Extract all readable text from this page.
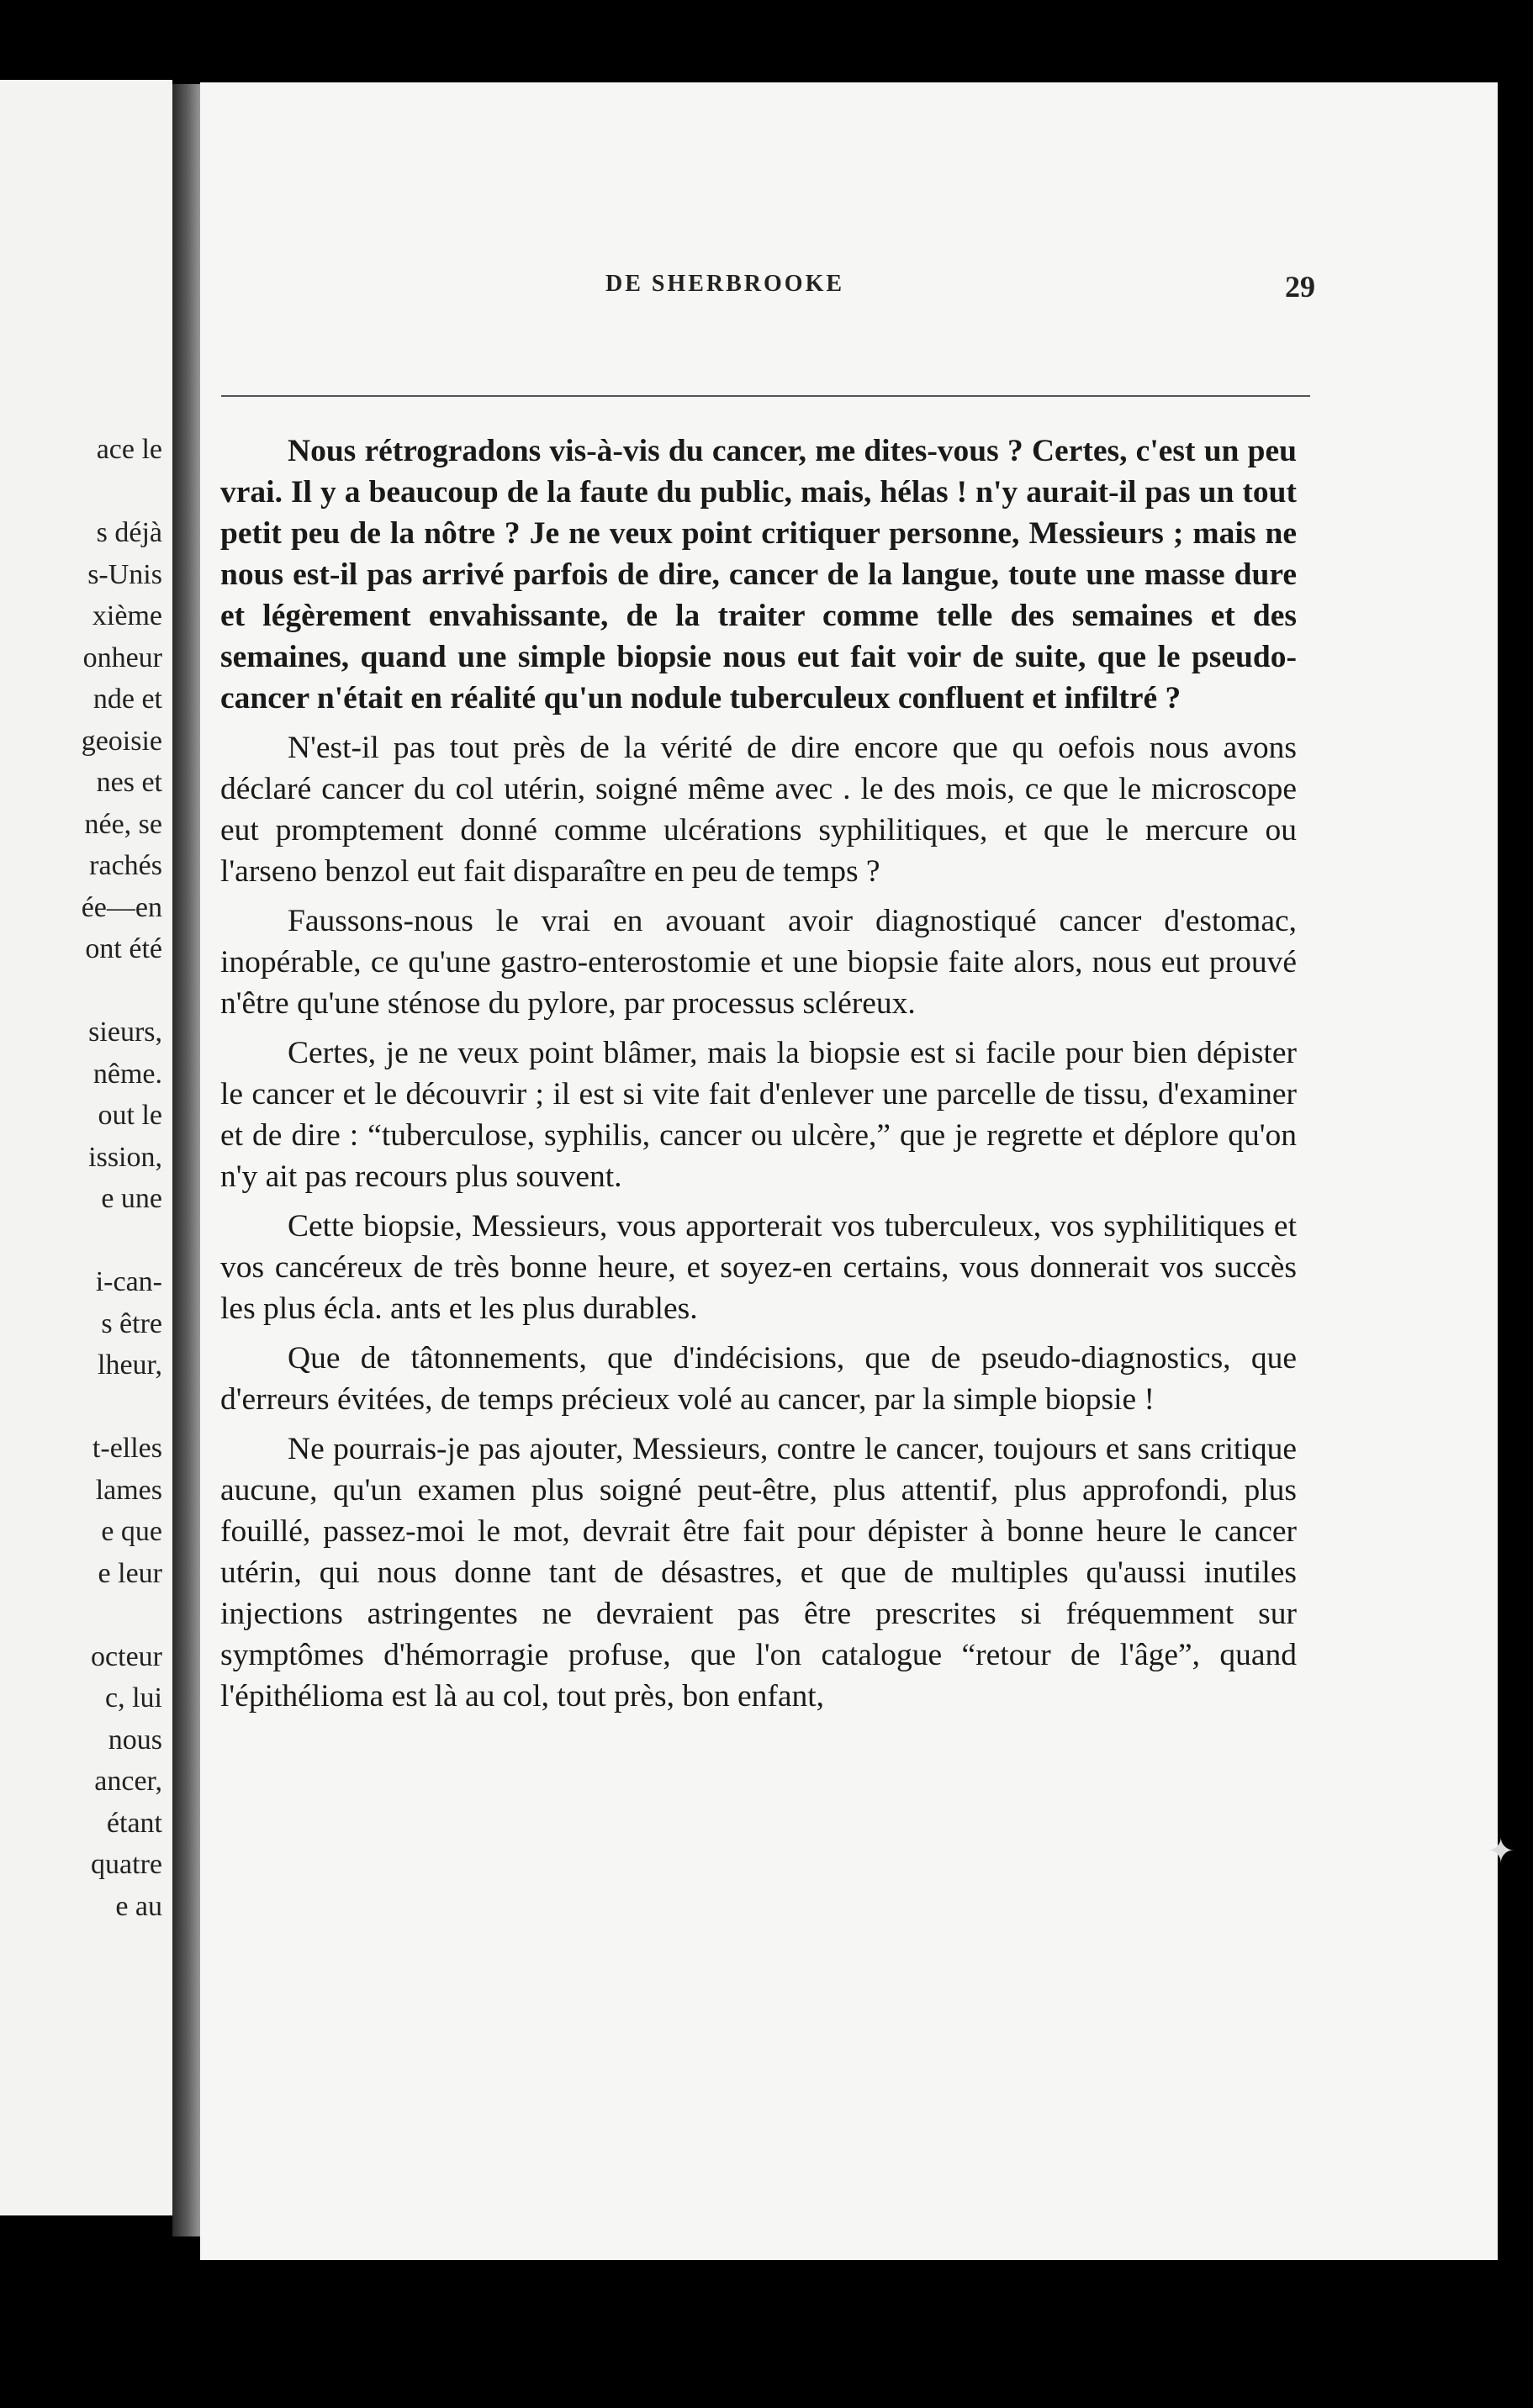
ace le
s déjà
s-Unis
xième
onheur
nde et
geoisie
nes et
née, se
rachés
ée—en
ont été
sieurs,
nême.
out le
ission,
e une
i-can-
s être
lheur,
t-elles
lames
e que
e leur
octeur
c, lui
nous
ancer,
étant
quatre
e au
DE SHERBROOKE	29

Nous rétrogradons vis-à-vis du cancer, me dites-vous ? Certes, c'est un peu vrai. Il y a beaucoup de la faute du public, mais, hélas ! n'y aurait-il pas un tout petit peu de la nôtre ? Je ne veux point critiquer personne, Messieurs ; mais ne nous est-il pas arrivé parfois de dire, cancer de la langue, toute une masse dure et légèrement envahissante, de la traiter comme telle des semaines et des semaines, quand une simple biopsie nous eut fait voir de suite, que le pseudo-cancer n'était en réalité qu'un nodule tuberculeux confluent et infiltré ?

N'est-il pas tout près de la vérité de dire encore que qu oefois nous avons déclaré cancer du col utérin, soigné même avec . le des mois, ce que le microscope eut promptement donné comme ulcérations syphilitiques, et que le mercure ou l'arseno benzol eut fait disparaître en peu de temps ?

Faussons-nous le vrai en avouant avoir diagnostiqué cancer d'estomac, inopérable, ce qu'une gastro-enterostomie et une biopsie faite alors, nous eut prouvé n'être qu'une sténose du pylore, par processus scléreux.

Certes, je ne veux point blâmer, mais la biopsie est si facile pour bien dépister le cancer et le découvrir ; il est si vite fait d'enlever une parcelle de tissu, d'examiner et de dire : “tuberculose, syphilis, cancer ou ulcère,” que je regrette et déplore qu'on n'y ait pas recours plus souvent.

Cette biopsie, Messieurs, vous apporterait vos tuberculeux, vos syphilitiques et vos cancéreux de très bonne heure, et soyez-en certains, vous donnerait vos succès les plus écla. ants et les plus durables.

Que de tâtonnements, que d'indécisions, que de pseudo-diagnostics, que d'erreurs évitées, de temps précieux volé au cancer, par la simple biopsie !

Ne pourrais-je pas ajouter, Messieurs, contre le cancer, toujours et sans critique aucune, qu'un examen plus soigné peut-être, plus attentif, plus approfondi, plus fouillé, passez-moi le mot, devrait être fait pour dépister à bonne heure le cancer utérin, qui nous donne tant de désastres, et que de multiples qu'aussi inutiles injections astringentes ne devraient pas être prescrites si fréquemment sur symptômes d'hémorragie profuse, que l'on catalogue “retour de l'âge”, quand l'épithélioma est là au col, tout près, bon enfant,

✦
